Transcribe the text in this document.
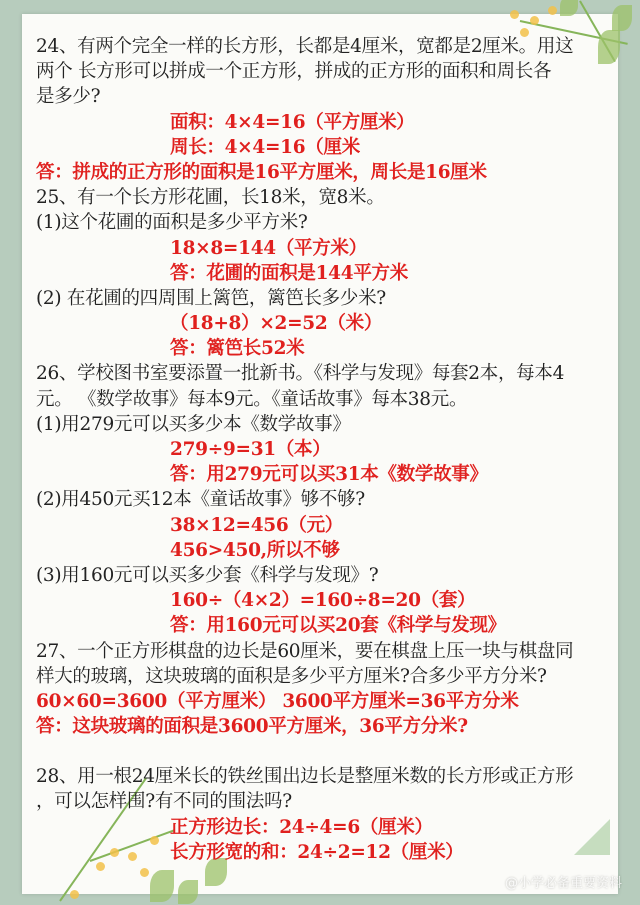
24、有两个完全一样的长方形，长都是4厘米，宽都是2厘米。用这
两个 长方形可以拼成一个正方形，拼成的正方形的面积和周长各
是多少?
面积：4×4=16（平方厘米）
周长：4×4=16（厘米
答：拼成的正方形的面积是16平方厘米，周长是16厘米
25、有一个长方形花圃，长18米，宽8米。
(1)这个花圃的面积是多少平方米?
18×8=144（平方米）
答：花圃的面积是144平方米
(2) 在花圃的四周围上篱笆，篱笆长多少米?
（18+8）×2=52（米）
答：篱笆长52米
26、学校图书室要添置一批新书。《科学与发现》每套2本，每本4
元。 《数学故事》每本9元。《童话故事》每本38元。
(1)用279元可以买多少本《数学故事》
279÷9=31（本）
答：用279元可以买31本《数学故事》
(2)用450元买12本《童话故事》够不够?
38×12=456（元）
456>450,所以不够
(3)用160元可以买多少套《科学与发现》?
160÷（4×2）=160÷8=20（套）
答：用160元可以买20套《科学与发现》
27、一个正方形棋盘的边长是60厘米，要在棋盘上压一块与棋盘同
样大的玻璃，这块玻璃的面积是多少平方厘米?合多少平方分米?
60×60=3600（平方厘米） 3600平方厘米=36平方分米
答：这块玻璃的面积是3600平方厘米，36平方分米?
28、用一根24厘米长的铁丝围出边长是整厘米数的长方形或正方形
，可以怎样围?有不同的围法吗?
正方形边长：24÷4=6（厘米）
长方形宽的和：24÷2=12（厘米）
@小学必备重要资料
